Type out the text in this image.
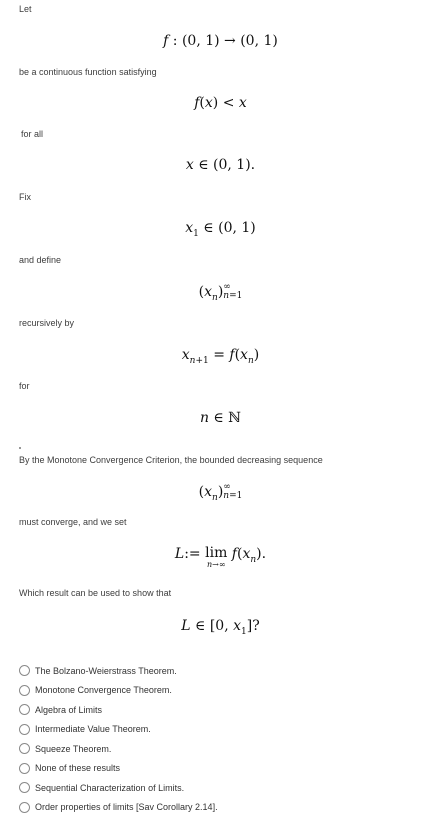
Let
f : (0, 1) → (0, 1)
be a continuous function satisfying
f(x) < x
for all
x ∈ (0, 1).
Fix
$x_1$ ∈ (0, 1)
and define
$(x_n)\infty$
n=1
recursively by
$x_{n+1} = f(x_n)$
for
n ∈ ℕ
By the Monotone Convergence Criterion, the bounded decreasing sequence
$(x_n)\infty$
n=1
must converge, and we set
L:= lim
n→∞
$f(x_n)$.
Which result can be used to show that
L ∈ [0, $x_1$]?
The Bolzano-Weierstrass Theorem.
Monotone Convergence Theorem.
Algebra of Limits
Intermediate Value Theorem.
Squeeze Theorem.
None of these results
Sequential Characterization of Limits.
Order properties of limits [Sav Corollary 2.14].
